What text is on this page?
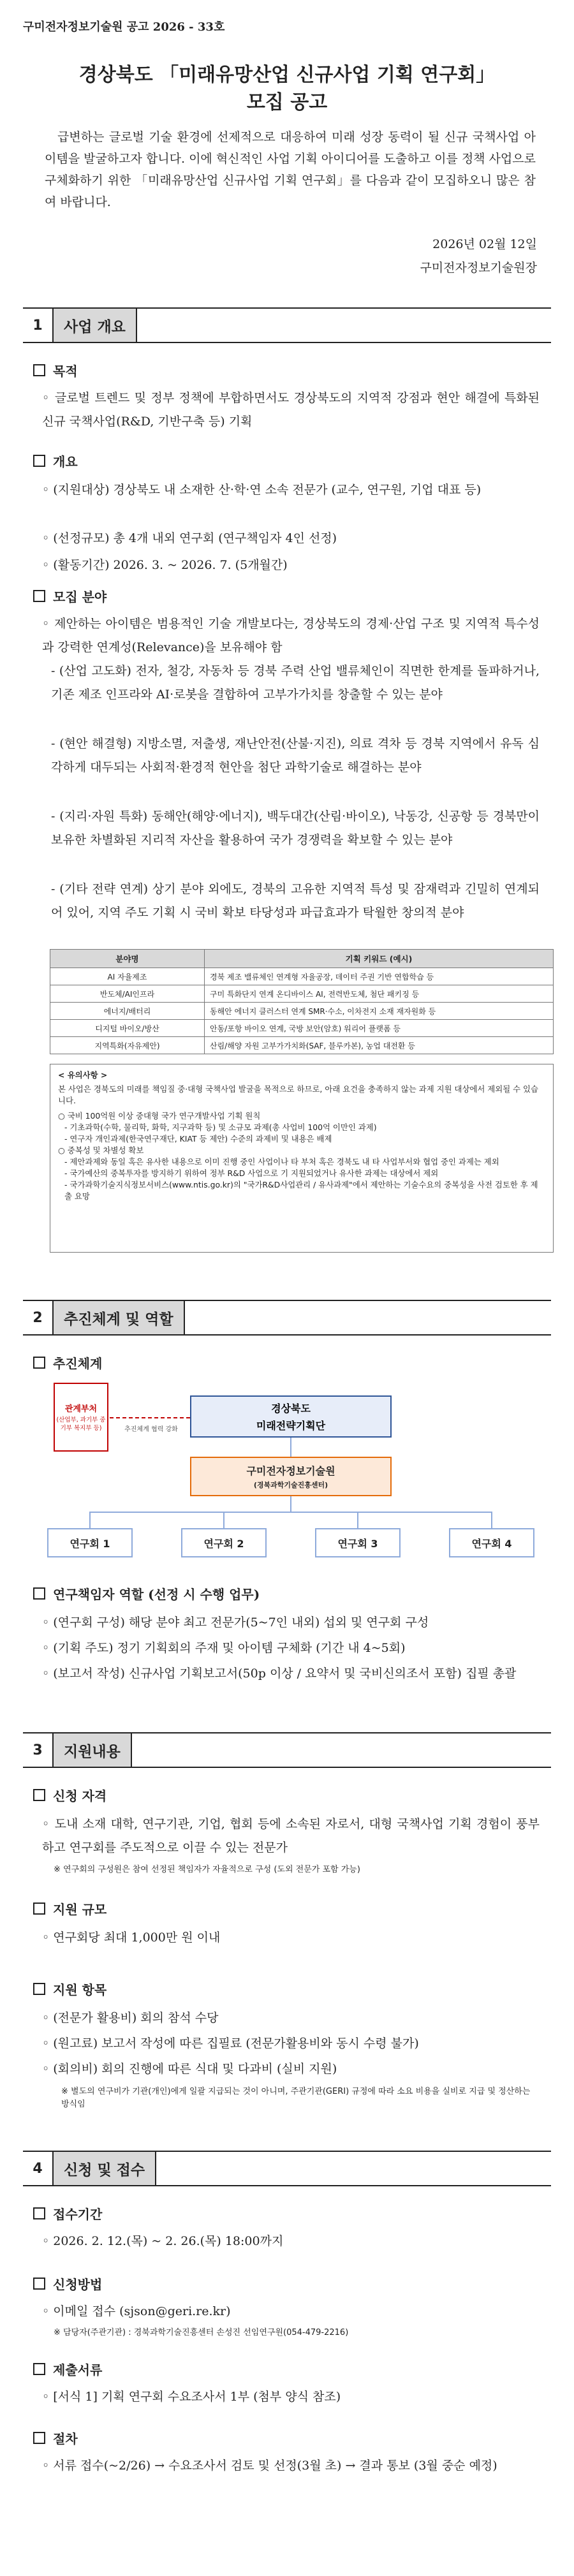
구미전자정보기술원 공고 2026 - 33호
경상북도 「미래유망산업 신규사업 기획 연구회」
모집 공고
급변하는 글로벌 기술 환경에 선제적으로 대응하여 미래 성장 동력이 될 신규 국책사업 아이템을 발굴하고자 합니다. 이에 혁신적인 사업 기획 아이디어를 도출하고 이를 정책 사업으로 구체화하기 위한 「미래유망산업 신규사업 기획 연구회」를 다음과 같이 모집하오니 많은 참여 바랍니다.
2026년 02월 12일
구미전자정보기술원장
1	사업 개요
목적
◦ 글로벌 트렌드 및 정부 정책에 부합하면서도 경상북도의 지역적 강점과 현안 해결에 특화된 신규 국책사업(R&D, 기반구축 등) 기획
개요
◦ (지원대상) 경상북도 내 소재한 산·학·연 소속 전문가 (교수, 연구원, 기업 대표 등)
◦ (선정규모) 총 4개 내외 연구회 (연구책임자 4인 선정)
◦ (활동기간) 2026. 3. ~ 2026. 7. (5개월간)
모집 분야
◦ 제안하는 아이템은 범용적인 기술 개발보다는, 경상북도의 경제·산업 구조 및 지역적 특수성과 강력한 연계성(Relevance)을 보유해야 함
- (산업 고도화) 전자, 철강, 자동차 등 경북 주력 산업 밸류체인이 직면한 한계를 돌파하거나, 기존 제조 인프라와 AI·로봇을 결합하여 고부가가치를 창출할 수 있는 분야
- (현안 해결형) 지방소멸, 저출생, 재난안전(산불·지진), 의료 격차 등 경북 지역에서 유독 심각하게 대두되는 사회적·환경적 현안을 첨단 과학기술로 해결하는 분야
- (지리·자원 특화) 동해안(해양·에너지), 백두대간(산림·바이오), 낙동강, 신공항 등 경북만이 보유한 차별화된 지리적 자산을 활용하여 국가 경쟁력을 확보할 수 있는 분야
- (기타 전략 연계) 상기 분야 외에도, 경북의 고유한 지역적 특성 및 잠재력과 긴밀히 연계되어 있어, 지역 주도 기획 시 국비 확보 타당성과 파급효과가 탁월한 창의적 분야
분야명	기획 키워드 (예시)
AI 자율제조	경북 제조 밸류체인 연계형 자율공장, 데이터 주권 기반 연합학습 등
반도체/AI인프라	구미 특화단지 연계 온디바이스 AI, 전력반도체, 첨단 패키징 등
에너지/배터리	동해안 에너지 클러스터 연계 SMR·수소, 이차전지 소재 재자원화 등
디지털 바이오/방산	안동/포항 바이오 연계, 국방 보안(암호) 워리어 플랫폼 등
지역특화(자유제안)	산림/해양 자원 고부가가치화(SAF, 블루카본), 농업 대전환 등
< 유의사항 >
본 사업은 경북도의 미래를 책임질 중·대형 국책사업 발굴을 목적으로 하므로, 아래 요건을 충족하지 않는 과제 지원 대상에서 제외될 수 있습니다.
○ 국비 100억원 이상 중대형 국가 연구개발사업 기획 원칙
- 기초과학(수학, 물리학, 화학, 지구과학 등) 및 소규모 과제(총 사업비 100억 이만인 과제)
- 연구자 개인과제(한국연구재단, KIAT 등 제안) 수준의 과제비 및 내용은 배제
○ 중복성 및 차별성 확보
- 제안과제와 동일 혹은 유사한 내용으로 이미 진행 중인 사업이나 타 부처 혹은 경북도 내 타 사업부서와 협업 중인 과제는 제외
- 국가예산의 중복투자를 방지하기 위하여 정부 R&D 사업으로 기 지원되었거나 유사한 과제는 대상에서 제외
- 국가과학기술지식정보서비스(www.ntis.go.kr)의 "국가R&D사업관리 / 유사과제"에서 제안하는 기술수요의 중복성을 사전 검토한 후 제출 요망
2	추진체계 및 역할
추진체계
관계부처
(산업부, 과기부 중기부 복지부 등)	추진체계 협력 강화
경상북도
미래전략기획단
구미전자정보기술원
(경북과학기술진흥센터)
연구회 1	연구회 2	연구회 3	연구회 4
연구책임자 역할 (선정 시 수행 업무)
◦ (연구회 구성) 해당 분야 최고 전문가(5~7인 내외) 섭외 및 연구회 구성
◦ (기획 주도) 정기 기획회의 주재 및 아이템 구체화 (기간 내 4~5회)
◦ (보고서 작성) 신규사업 기획보고서(50p 이상 / 요약서 및 국비신의조서 포함) 집필 총괄
3	지원내용
신청 자격
◦ 도내 소재 대학, 연구기관, 기업, 협회 등에 소속된 자로서, 대형 국책사업 기획 경험이 풍부하고 연구회를 주도적으로 이끌 수 있는 전문가
※ 연구회의 구성원은 참여 선정된 책임자가 자율적으로 구성 (도외 전문가 포함 가능)
지원 규모
◦ 연구회당 최대 1,000만 원 이내
지원 항목
◦ (전문가 활용비) 회의 참석 수당
◦ (원고료) 보고서 작성에 따른 집필료 (전문가활용비와 동시 수령 불가)
◦ (회의비) 회의 진행에 따른 식대 및 다과비 (실비 지원)
※ 별도의 연구비가 기관(개인)에게 일괄 지급되는 것이 아니며, 주관기관(GERI) 규정에 따라 소요 비용을 실비로 지급 및 정산하는 방식임
4	신청 및 접수
접수기간
◦ 2026. 2. 12.(목) ~ 2. 26.(목) 18:00까지
신청방법
◦ 이메일 접수 (sjson@geri.re.kr)
※ 담당자(주관기관) : 경북과학기술진흥센터 손성진 선임연구원(054-479-2216)
제출서류
◦ [서식 1] 기획 연구회 수요조사서 1부 (첨부 양식 참조)
절차
◦ 서류 접수(~2/26) → 수요조사서 검토 및 선정(3월 초) → 결과 통보 (3월 중순 예정)
